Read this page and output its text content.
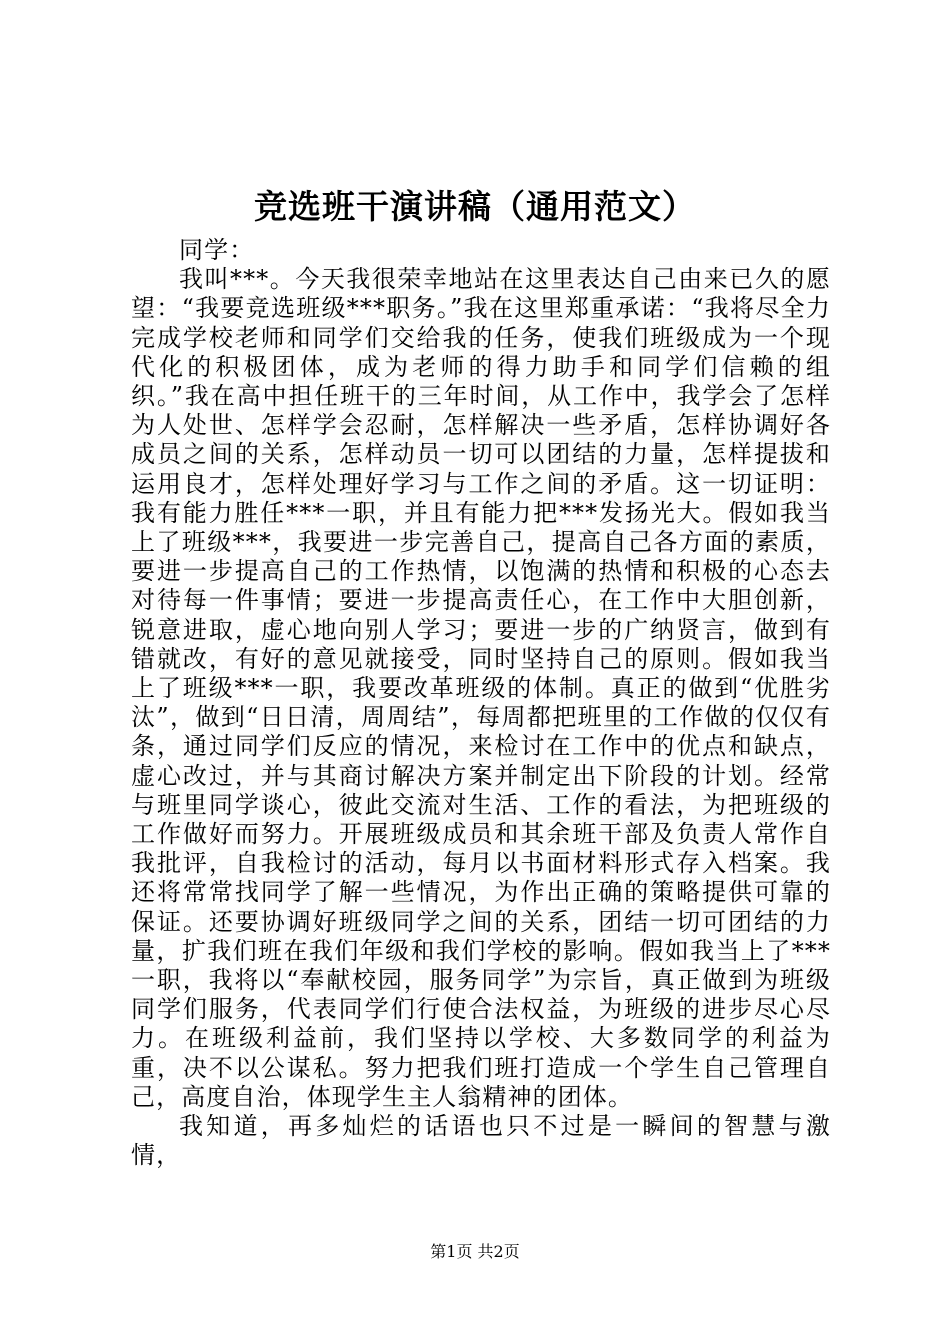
竞选班干演讲稿（通用范文）

同学：

我叫***。今天我很荣幸地站在这里表达自己由来已久的愿望：“我要竞选班级***职务。”我在这里郑重承诺：“我将尽全力完成学校老师和同学们交给我的任务，使我们班级成为一个现代化的积极团体，成为老师的得力助手和同学们信赖的组织。”我在高中担任班干的三年时间，从工作中，我学会了怎样为人处世、怎样学会忍耐，怎样解决一些矛盾，怎样协调好各成员之间的关系，怎样动员一切可以团结的力量，怎样提拔和运用良才，怎样处理好学习与工作之间的矛盾。这一切证明：我有能力胜任***一职，并且有能力把***发扬光大。假如我当上了班级***，我要进一步完善自己，提高自己各方面的素质，要进一步提高自己的工作热情，以饱满的热情和积极的心态去对待每一件事情；要进一步提高责任心，在工作中大胆创新，锐意进取，虚心地向别人学习；要进一步的广纳贤言，做到有错就改，有好的意见就接受，同时坚持自己的原则。假如我当上了班级***一职，我要改革班级的体制。真正的做到“优胜劣汰”，做到“日日清，周周结”，每周都把班里的工作做的仅仅有条，通过同学们反应的情况，来检讨在工作中的优点和缺点，虚心改过，并与其商讨解决方案并制定出下阶段的计划。经常与班里同学谈心，彼此交流对生活、工作的看法，为把班级的工作做好而努力。开展班级成员和其余班干部及负责人常作自我批评，自我检讨的活动，每月以书面材料形式存入档案。我还将常常找同学了解一些情况，为作出正确的策略提供可靠的保证。还要协调好班级同学之间的关系，团结一切可团结的力量，扩我们班在我们年级和我们学校的影响。假如我当上了***一职，我将以“奉献校园，服务同学”为宗旨，真正做到为班级同学们服务，代表同学们行使合法权益，为班级的进步尽心尽力。在班级利益前，我们坚持以学校、大多数同学的利益为重，决不以公谋私。努力把我们班打造成一个学生自己管理自己，高度自治，体现学生主人翁精神的团体。

我知道，再多灿烂的话语也只不过是一瞬间的智慧与激情，

第1页 共2页
